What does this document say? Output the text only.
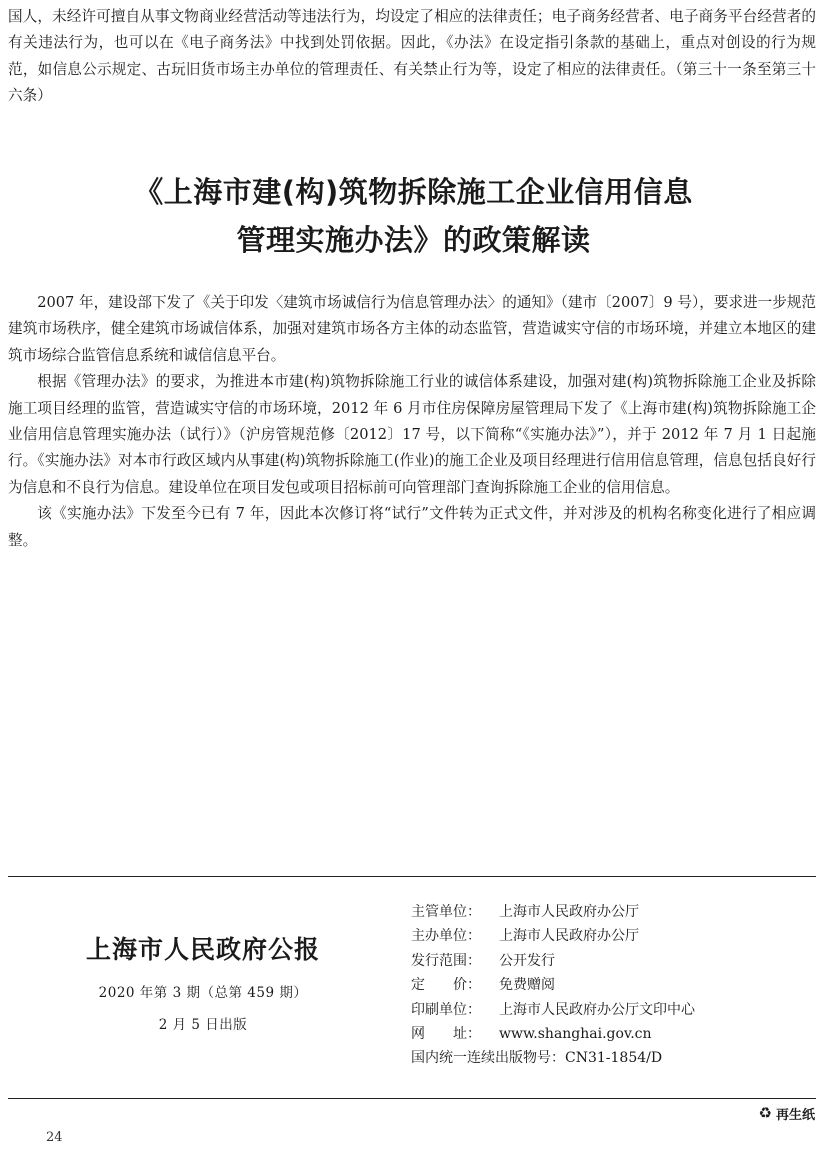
国人，未经许可擅自从事文物商业经营活动等违法行为，均设定了相应的法律责任；电子商务经营者、电子商务平台经营者的有关违法行为，也可以在《电子商务法》中找到处罚依据。因此，《办法》在设定指引条款的基础上，重点对创设的行为规范，如信息公示规定、古玩旧货市场主办单位的管理责任、有关禁止行为等，设定了相应的法律责任。（第三十一条至第三十六条）

《上海市建(构)筑物拆除施工企业信用信息
管理实施办法》的政策解读

2007 年，建设部下发了《关于印发〈建筑市场诚信行为信息管理办法〉的通知》（建市〔2007〕9 号），要求进一步规范建筑市场秩序，健全建筑市场诚信体系，加强对建筑市场各方主体的动态监管，营造诚实守信的市场环境，并建立本地区的建筑市场综合监管信息系统和诚信信息平台。

根据《管理办法》的要求，为推进本市建(构)筑物拆除施工行业的诚信体系建设，加强对建(构)筑物拆除施工企业及拆除施工项目经理的监管，营造诚实守信的市场环境，2012 年 6 月市住房保障房屋管理局下发了《上海市建(构)筑物拆除施工企业信用信息管理实施办法（试行）》（沪房管规范修〔2012〕17 号，以下简称“《实施办法》”），并于 2012 年 7 月 1 日起施行。《实施办法》对本市行政区域内从事建(构)筑物拆除施工(作业)的施工企业及项目经理进行信用信息管理，信息包括良好行为信息和不良行为信息。建设单位在项目发包或项目招标前可向管理部门查询拆除施工企业的信用信息。

该《实施办法》下发至今已有 7 年，因此本次修订将“试行”文件转为正式文件，并对涉及的机构名称变化进行了相应调整。

上海市人民政府公报
2020 年第 3 期（总第 459 期）
2 月 5 日出版
主管单位：	上海市人民政府办公厅
主办单位：	上海市人民政府办公厅
发行范围：	公开发行
定　　价：	免费赠阅
印刷单位：	上海市人民政府办公厅文印中心
网　　址：	www.shanghai.gov.cn
国内统一连续出版物号： CN31-1854/D
♻ 再生纸
24
